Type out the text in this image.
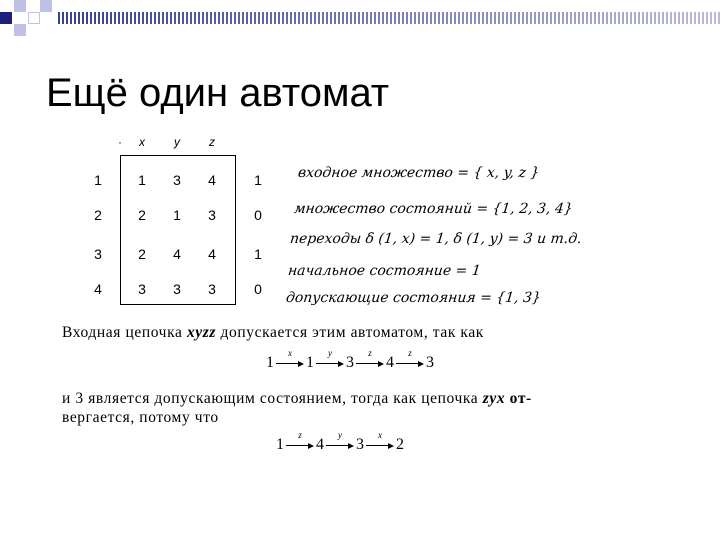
Ещё один автомат
·	x	y	z
1	1	3	4	1
2	2	1	3	0
3	2	4	4	1
4	3	3	3	0
входное множество = { x, y, z }
множество состояний = {1, 2, 3, 4}
переходы δ (1, x) = 1, δ (1, y) = 3 и т.д.
начальное состояние = 1
допускающие состояния = {1, 3}
Входная цепочка xyzz допускается этим автоматом, так как
1
x
1
y
3
z
4
z
3
и 3 является допускающим состоянием, тогда как цепочка zyx от-
вергается, потому что
1
z
4
y
3
x
2
